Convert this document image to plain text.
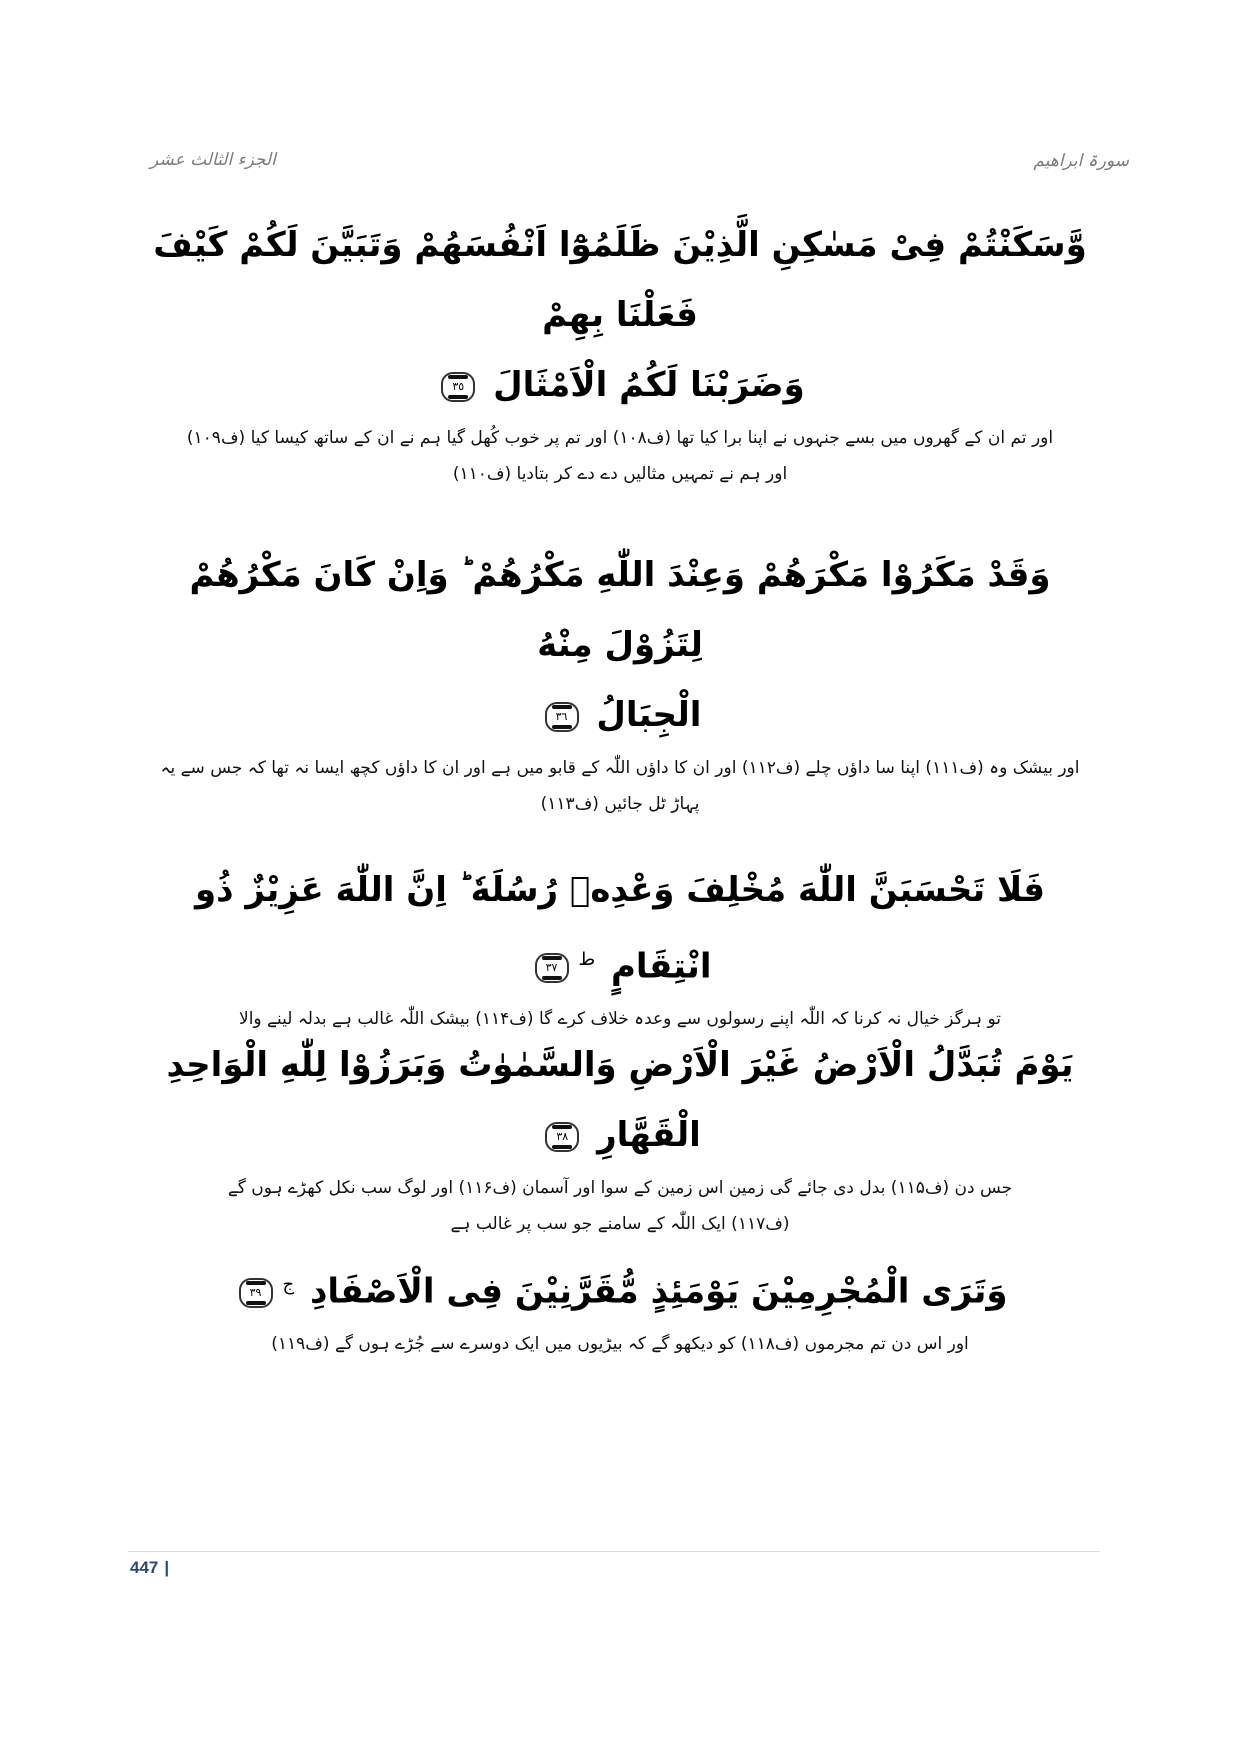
الجزء الثالث عشر	سورۃ ابراھیم
وَّسَكَنْتُمْ فِىْ مَسٰكِنِ الَّذِيْنَ ظَلَمُوْٓا اَنْفُسَهُمْ وَتَبَيَّنَ لَكُمْ كَيْفَ فَعَلْنَا بِهِمْ
وَضَرَبْنَا لَكُمُ الْاَمْثَالَ
٣٥
اور تم ان کے گھروں میں بسے جنہوں نے اپنا برا کیا تھا (ف۱۰۸) اور تم پر خوب کُھل گیا ہم نے ان کے ساتھ کیسا کیا (ف۱۰۹)
اور ہم نے تمہیں مثالیں دے دے کر بتادیا (ف۱۱۰)
وَقَدْ مَكَرُوْا مَكْرَهُمْ وَعِنْدَ اللّٰهِ مَكْرُهُمْ ؕ وَاِنْ كَانَ مَكْرُهُمْ لِتَزُوْلَ مِنْهُ
الْجِبَالُ
٣٦
اور بیشک وہ (ف۱۱۱) اپنا سا داؤں چلے (ف۱۱۲) اور ان کا داؤں اللّٰہ کے قابو میں ہے اور ان کا داؤں کچھ ایسا نہ تھا کہ جس سے یہ
پہاڑ ٹل جائیں (ف۱۱۳)
فَلَا تَحْسَبَنَّ اللّٰهَ مُخْلِفَ وَعْدِهٖ رُسُلَهٗ ؕ اِنَّ اللّٰهَ عَزِيْزٌ ذُو انْتِقَامٍ $^ط$
٣٧
تو ہرگز خیال نہ کرنا کہ اللّٰہ اپنے رسولوں سے وعدہ خلاف کرے گا (ف۱۱۴) بیشک اللّٰہ غالب ہے بدلہ لینے والا
يَوْمَ تُبَدَّلُ الْاَرْضُ غَيْرَ الْاَرْضِ وَالسَّمٰوٰتُ وَبَرَزُوْا لِلّٰهِ الْوَاحِدِ الْقَهَّارِ
٣٨
جس دن (ف۱۱۵) بدل دی جائے گی زمین اس زمین کے سوا اور آسمان (ف۱۱۶) اور لوگ سب نکل کھڑے ہوں گے
(ف۱۱۷) ایک اللّٰہ کے سامنے جو سب پر غالب ہے
وَتَرَى الْمُجْرِمِيْنَ يَوْمَئِذٍ مُّقَرَّنِيْنَ فِى الْاَصْفَادِ $^ج$
٣٩
اور اس دن تم مجرموں (ف۱۱۸) کو دیکھو گے کہ بیڑیوں میں ایک دوسرے سے جُڑے ہوں گے (ف۱۱۹)
447 |
